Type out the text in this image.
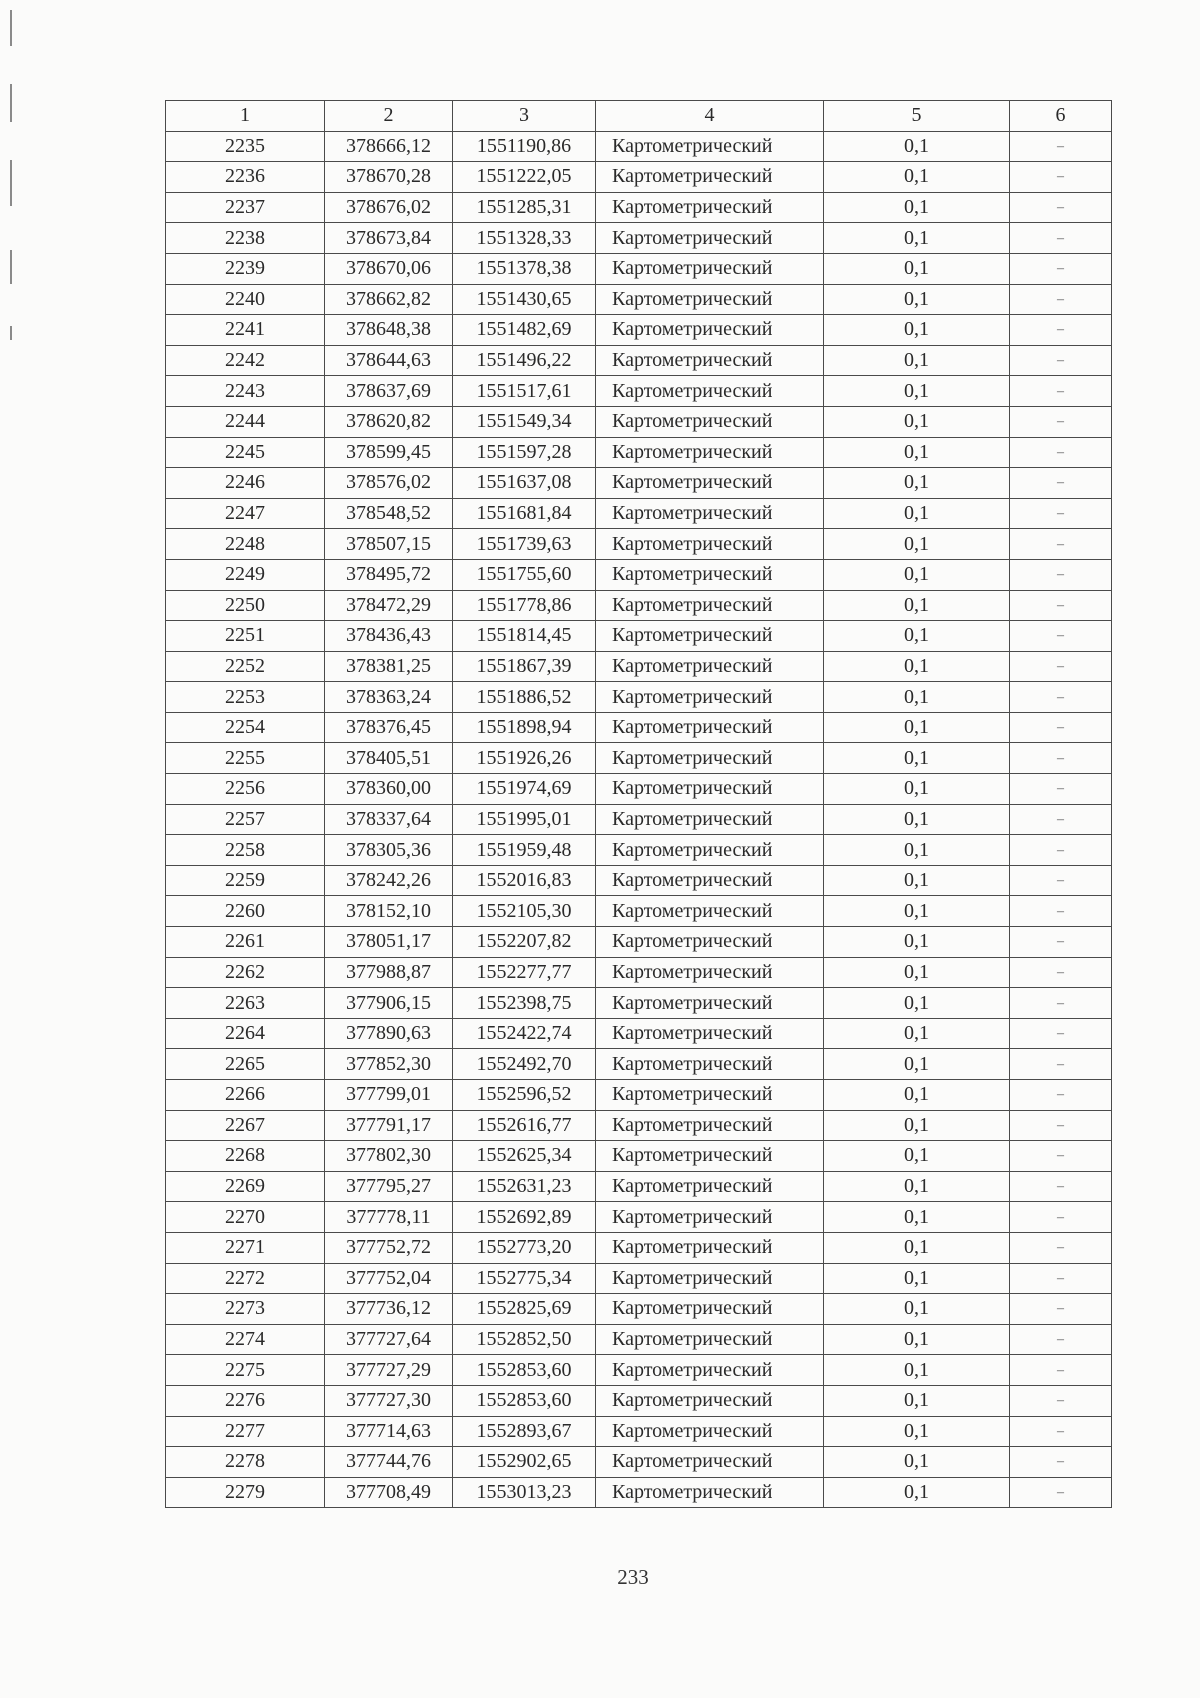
1	2	3	4	5	6
2235	378666,12	1551190,86	Картометрический	0,1	–
2236	378670,28	1551222,05	Картометрический	0,1	–
2237	378676,02	1551285,31	Картометрический	0,1	–
2238	378673,84	1551328,33	Картометрический	0,1	–
2239	378670,06	1551378,38	Картометрический	0,1	–
2240	378662,82	1551430,65	Картометрический	0,1	–
2241	378648,38	1551482,69	Картометрический	0,1	–
2242	378644,63	1551496,22	Картометрический	0,1	–
2243	378637,69	1551517,61	Картометрический	0,1	–
2244	378620,82	1551549,34	Картометрический	0,1	–
2245	378599,45	1551597,28	Картометрический	0,1	–
2246	378576,02	1551637,08	Картометрический	0,1	–
2247	378548,52	1551681,84	Картометрический	0,1	–
2248	378507,15	1551739,63	Картометрический	0,1	–
2249	378495,72	1551755,60	Картометрический	0,1	–
2250	378472,29	1551778,86	Картометрический	0,1	–
2251	378436,43	1551814,45	Картометрический	0,1	–
2252	378381,25	1551867,39	Картометрический	0,1	–
2253	378363,24	1551886,52	Картометрический	0,1	–
2254	378376,45	1551898,94	Картометрический	0,1	–
2255	378405,51	1551926,26	Картометрический	0,1	–
2256	378360,00	1551974,69	Картометрический	0,1	–
2257	378337,64	1551995,01	Картометрический	0,1	–
2258	378305,36	1551959,48	Картометрический	0,1	–
2259	378242,26	1552016,83	Картометрический	0,1	–
2260	378152,10	1552105,30	Картометрический	0,1	–
2261	378051,17	1552207,82	Картометрический	0,1	–
2262	377988,87	1552277,77	Картометрический	0,1	–
2263	377906,15	1552398,75	Картометрический	0,1	–
2264	377890,63	1552422,74	Картометрический	0,1	–
2265	377852,30	1552492,70	Картометрический	0,1	–
2266	377799,01	1552596,52	Картометрический	0,1	–
2267	377791,17	1552616,77	Картометрический	0,1	–
2268	377802,30	1552625,34	Картометрический	0,1	–
2269	377795,27	1552631,23	Картометрический	0,1	–
2270	377778,11	1552692,89	Картометрический	0,1	–
2271	377752,72	1552773,20	Картометрический	0,1	–
2272	377752,04	1552775,34	Картометрический	0,1	–
2273	377736,12	1552825,69	Картометрический	0,1	–
2274	377727,64	1552852,50	Картометрический	0,1	–
2275	377727,29	1552853,60	Картометрический	0,1	–
2276	377727,30	1552853,60	Картометрический	0,1	–
2277	377714,63	1552893,67	Картометрический	0,1	–
2278	377744,76	1552902,65	Картометрический	0,1	–
2279	377708,49	1553013,23	Картометрический	0,1	–
233
